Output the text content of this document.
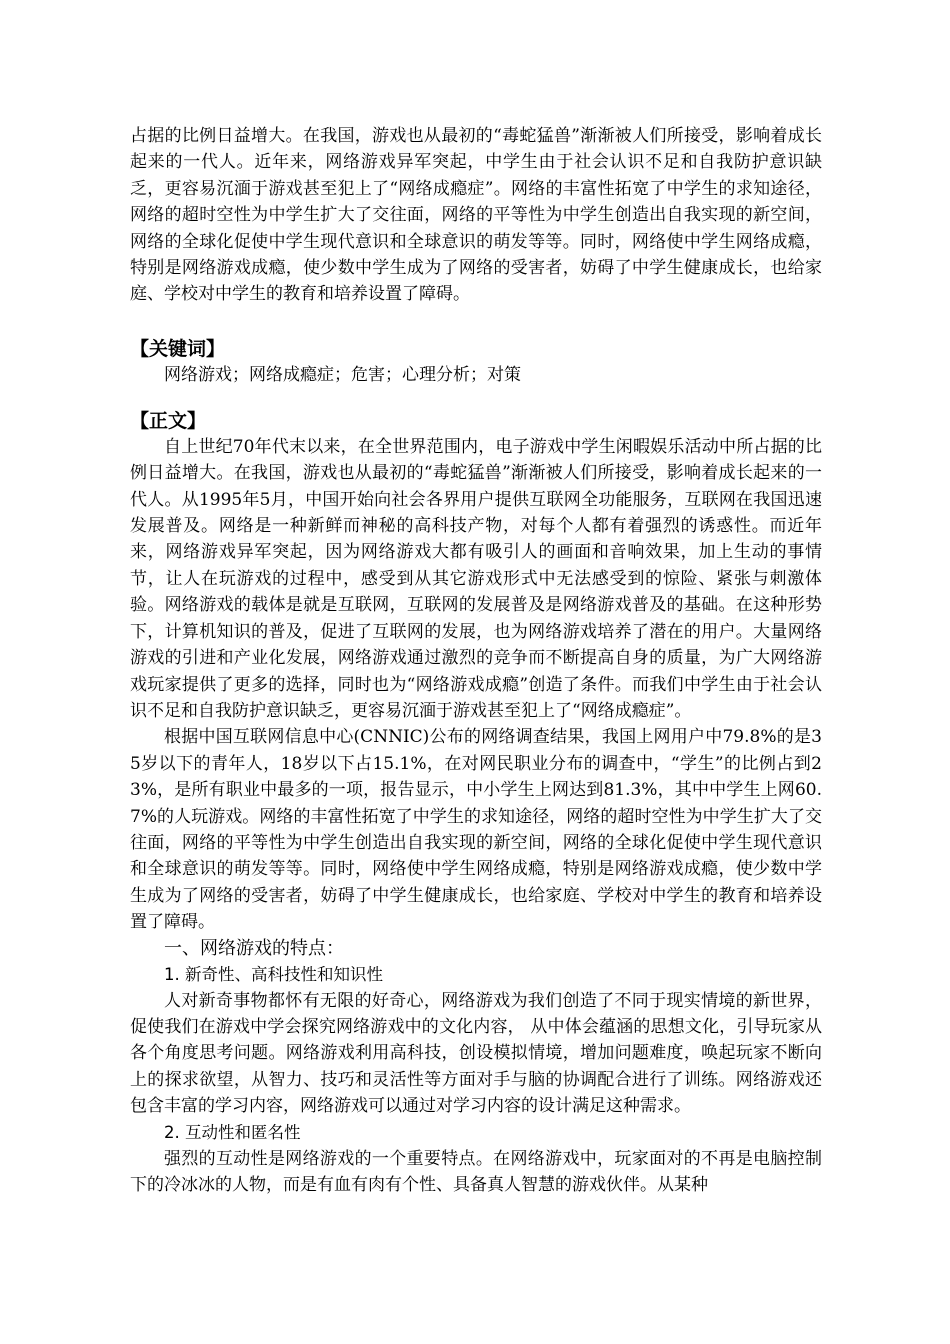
占据的比例日益增大。在我国，游戏也从最初的“毒蛇猛兽”渐渐被人们所接受，影响着成长起来的一代人。近年来，网络游戏异军突起，中学生由于社会认识不足和自我防护意识缺乏，更容易沉湎于游戏甚至犯上了“网络成瘾症”。网络的丰富性拓宽了中学生的求知途径，网络的超时空性为中学生扩大了交往面，网络的平等性为中学生创造出自我实现的新空间，网络的全球化促使中学生现代意识和全球意识的萌发等等。同时，网络使中学生网络成瘾，特别是网络游戏成瘾，使少数中学生成为了网络的受害者，妨碍了中学生健康成长，也给家庭、学校对中学生的教育和培养设置了障碍。

【关键词】

网络游戏；网络成瘾症；危害；心理分析；对策

【正文】

自上世纪70年代末以来，在全世界范围内，电子游戏中学生闲暇娱乐活动中所占据的比例日益增大。在我国，游戏也从最初的“毒蛇猛兽”渐渐被人们所接受，影响着成长起来的一代人。从1995年5月，中国开始向社会各界用户提供互联网全功能服务，互联网在我国迅速发展普及。网络是一种新鲜而神秘的高科技产物，对每个人都有着强烈的诱惑性。而近年来，网络游戏异军突起，因为网络游戏大都有吸引人的画面和音响效果，加上生动的事情节，让人在玩游戏的过程中，感受到从其它游戏形式中无法感受到的惊险、紧张与刺激体验。网络游戏的载体是就是互联网，互联网的发展普及是网络游戏普及的基础。在这种形势下，计算机知识的普及，促进了互联网的发展，也为网络游戏培养了潜在的用户。大量网络游戏的引进和产业化发展，网络游戏通过激烈的竞争而不断提高自身的质量，为广大网络游戏玩家提供了更多的选择，同时也为“网络游戏成瘾”创造了条件。而我们中学生由于社会认识不足和自我防护意识缺乏，更容易沉湎于游戏甚至犯上了“网络成瘾症”。

根据中国互联网信息中心(CNNIC)公布的网络调查结果，我国上网用户中79.8%的是35岁以下的青年人，18岁以下占15.1%，在对网民职业分布的调查中，“学生”的比例占到23%，是所有职业中最多的一项，报告显示，中小学生上网达到81.3%，其中中学生上网60.7%的人玩游戏。网络的丰富性拓宽了中学生的求知途径，网络的超时空性为中学生扩大了交往面，网络的平等性为中学生创造出自我实现的新空间，网络的全球化促使中学生现代意识和全球意识的萌发等等。同时，网络使中学生网络成瘾，特别是网络游戏成瘾，使少数中学生成为了网络的受害者，妨碍了中学生健康成长，也给家庭、学校对中学生的教育和培养设置了障碍。

一、网络游戏的特点：

1. 新奇性、高科技性和知识性

人对新奇事物都怀有无限的好奇心，网络游戏为我们创造了不同于现实情境的新世界，促使我们在游戏中学会探究网络游戏中的文化内容， 从中体会蕴涵的思想文化，引导玩家从各个角度思考问题。网络游戏利用高科技，创设模拟情境，增加问题难度，唤起玩家不断向上的探求欲望，从智力、技巧和灵活性等方面对手与脑的协调配合进行了训练。网络游戏还包含丰富的学习内容，网络游戏可以通过对学习内容的设计满足这种需求。

2. 互动性和匿名性

强烈的互动性是网络游戏的一个重要特点。在网络游戏中，玩家面对的不再是电脑控制下的冷冰冰的人物，而是有血有肉有个性、具备真人智慧的游戏伙伴。从某种
